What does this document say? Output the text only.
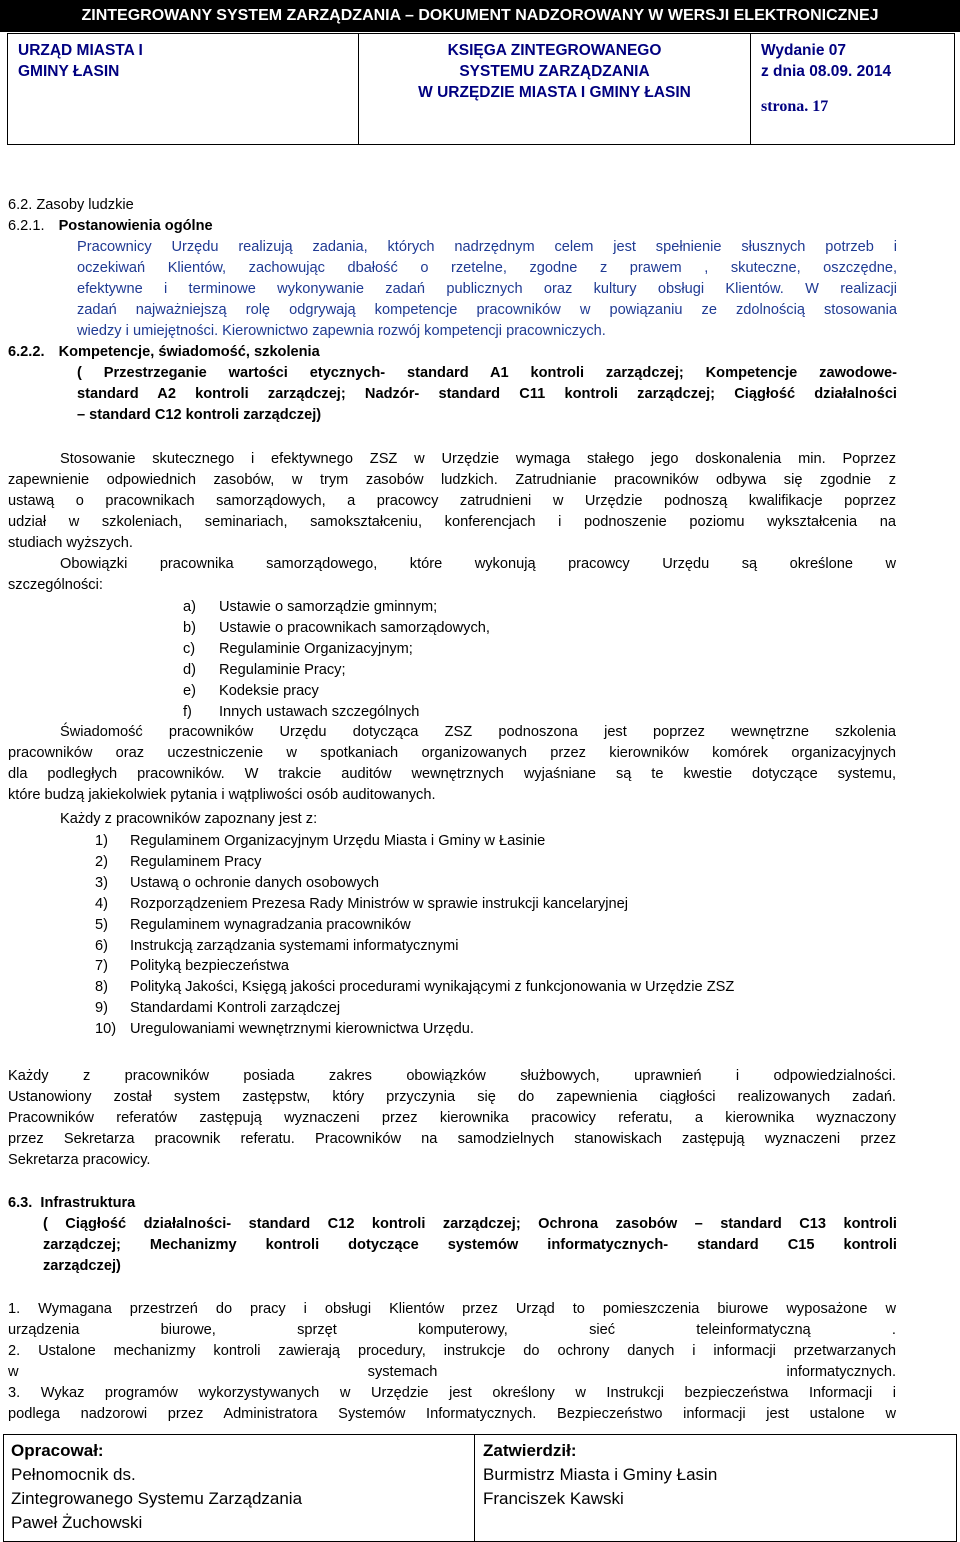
ZINTEGROWANY SYSTEM ZARZĄDZANIA – DOKUMENT NADZOROWANY W WERSJI ELEKTRONICZNEJ
URZĄD MIASTA I
GMINY ŁASIN
KSIĘGA ZINTEGROWANEGO
SYSTEMU ZARZĄDZANIA
W URZĘDZIE MIASTA I GMINY ŁASIN
Wydanie 07
z dnia 08.09. 2014
strona. 17
6.2. Zasoby ludzkie
6.2.1. Postanowienia ogólne
Pracownicy Urzędu realizują zadania, których nadrzędnym celem jest spełnienie słusznych potrzeb i
oczekiwań Klientów, zachowując dbałość o rzetelne, zgodne z prawem , skuteczne, oszczędne,
efektywne i terminowe wykonywanie zadań publicznych oraz kultury obsługi Klientów. W realizacji
zadań najważniejszą rolę odgrywają kompetencje pracowników w powiązaniu ze zdolnością stosowania
wiedzy i umiejętności. Kierownictwo zapewnia rozwój kompetencji pracowniczych.
6.2.2. Kompetencje, świadomość, szkolenia
( Przestrzeganie wartości etycznych- standard A1 kontroli zarządczej; Kompetencje zawodowe-
standard A2 kontroli zarządczej; Nadzór- standard C11 kontroli zarządczej; Ciągłość działalności
– standard C12 kontroli zarządczej)
Stosowanie skutecznego i efektywnego ZSZ w Urzędzie wymaga stałego jego doskonalenia min. Poprzez
zapewnienie odpowiednich zasobów, w trym zasobów ludzkich. Zatrudnianie pracowników odbywa się zgodnie z
ustawą o pracownikach samorządowych, a pracowcy zatrudnieni w Urzędzie podnoszą kwalifikacje poprzez
udział w szkoleniach, seminariach, samokształceniu, konferencjach i podnoszenie poziomu wykształcenia na
studiach wyższych.
Obowiązki pracownika samorządowego, które wykonują pracowcy Urzędu są określone w
szczególności:
a) Ustawie o samorządzie gminnym;
b) Ustawie o pracownikach samorządowych,
c) Regulaminie Organizacyjnym;
d) Regulaminie Pracy;
e) Kodeksie pracy
f) Innych ustawach szczególnych
Świadomość pracowników Urzędu dotycząca ZSZ podnoszona jest poprzez wewnętrzne szkolenia
pracowników oraz uczestniczenie w spotkaniach organizowanych przez kierowników komórek organizacyjnych
dla podległych pracowników. W trakcie auditów wewnętrznych wyjaśniane są te kwestie dotyczące systemu,
które budzą jakiekolwiek pytania i wątpliwości osób auditowanych.
Każdy z pracowników zapoznany jest z:
1) Regulaminem Organizacyjnym Urzędu Miasta i Gminy w Łasinie
2) Regulaminem Pracy
3) Ustawą o ochronie danych osobowych
4) Rozporządzeniem Prezesa Rady Ministrów w sprawie instrukcji kancelaryjnej
5) Regulaminem wynagradzania pracowników
6) Instrukcją zarządzania systemami informatycznymi
7) Polityką bezpieczeństwa
8) Polityką Jakości, Księgą jakości procedurami wynikającymi z funkcjonowania w Urzędzie ZSZ
9) Standardami Kontroli zarządczej
10) Uregulowaniami wewnętrznymi kierownictwa Urzędu.
Każdy z pracowników posiada zakres obowiązków służbowych, uprawnień i odpowiedzialności.
Ustanowiony został system zastępstw, który przyczynia się do zapewnienia ciągłości realizowanych zadań.
Pracowników referatów zastępują wyznaczeni przez kierownika pracowicy referatu, a kierownika wyznaczony
przez Sekretarza pracownik referatu. Pracowników na samodzielnych stanowiskach zastępują wyznaczeni przez
Sekretarza pracowicy.
6.3. Infrastruktura
( Ciągłość działalności- standard C12 kontroli zarządczej; Ochrona zasobów – standard C13 kontroli
zarządczej; Mechanizmy kontroli dotyczące systemów informatycznych- standard C15 kontroli
zarządczej)
1. Wymagana przestrzeń do pracy i obsługi Klientów przez Urząd to pomieszczenia biurowe wyposażone w
urządzenia biurowe, sprzęt komputerowy, sieć teleinformatyczną .
2. Ustalone mechanizmy kontroli zawierają procedury, instrukcje do ochrony danych i informacji przetwarzanych
w systemach informatycznych.
3. Wykaz programów wykorzystywanych w Urzędzie jest określony w Instrukcji bezpieczeństwa Informacji i
podlega nadzorowi przez Administratora Systemów Informatycznych. Bezpieczeństwo informacji jest ustalone w
Opracował:
Pełnomocnik ds.
Zintegrowanego Systemu Zarządzania
Paweł Żuchowski
Zatwierdził:
Burmistrz Miasta i Gminy Łasin
Franciszek Kawski
